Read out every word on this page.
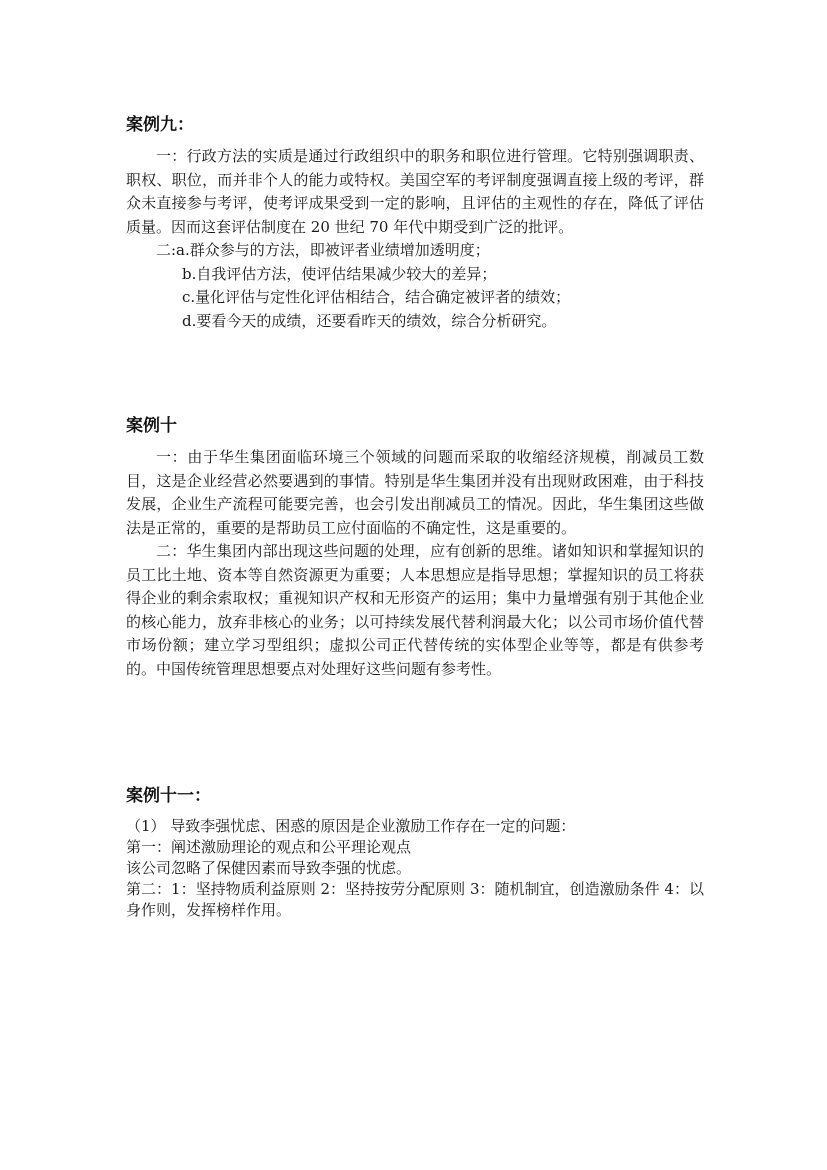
案例九：

一：行政方法的实质是通过行政组织中的职务和职位进行管理。它特别强调职责、职权、职位，而并非个人的能力或特权。美国空军的考评制度强调直接上级的考评，群众未直接参与考评，使考评成果受到一定的影响，且评估的主观性的存在，降低了评估质量。因而这套评估制度在 20 世纪 70 年代中期受到广泛的批评。

二:a.群众参与的方法，即被评者业绩增加透明度；
b.自我评估方法，使评估结果减少较大的差异；
c.量化评估与定性化评估相结合，结合确定被评者的绩效；
d.要看今天的成绩，还要看昨天的绩效，综合分析研究。
案例十

一：由于华生集团面临环境三个领域的问题而采取的收缩经济规模，削减员工数目，这是企业经营必然要遇到的事情。特别是华生集团并没有出现财政困难，由于科技发展，企业生产流程可能要完善，也会引发出削减员工的情况。因此，华生集团这些做法是正常的，重要的是帮助员工应付面临的不确定性，这是重要的。

二：华生集团内部出现这些问题的处理，应有创新的思维。诸如知识和掌握知识的员工比土地、资本等自然资源更为重要；人本思想应是指导思想；掌握知识的员工将获得企业的剩余索取权；重视知识产权和无形资产的运用；集中力量增强有别于其他企业的核心能力，放弃非核心的业务；以可持续发展代替利润最大化；以公司市场价值代替市场份额；建立学习型组织；虚拟公司正代替传统的实体型企业等等，都是有供参考的。中国传统管理思想要点对处理好这些问题有参考性。

案例十一：

（1） 导致李强忧虑、困惑的原因是企业激励工作存在一定的问题：

第一：阐述激励理论的观点和公平理论观点

该公司忽略了保健因素而导致李强的忧虑。

第二：1：坚持物质利益原则 2：坚持按劳分配原则 3：随机制宜，创造激励条件 4：以身作则，发挥榜样作用。
